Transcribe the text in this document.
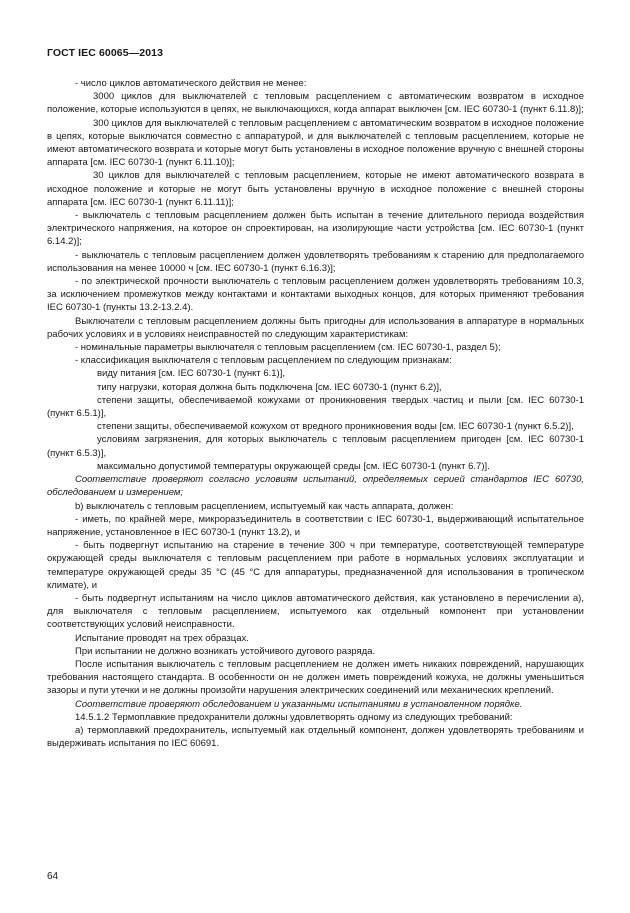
ГОСТ IEC 60065—2013

- число циклов автоматического действия не менее:

3000 циклов для выключателей с тепловым расцеплением с автоматическим возвратом в исходное положение, которые используются в цепях, не выключающихся, когда аппарат выключен [см. IEC 60730-1 (пункт 6.11.8)];

300 циклов для выключателей с тепловым расцеплением с автоматическим возвратом в исходное положение в цепях, которые выключатся совместно с аппаратурой, и для выключателей с тепловым расцеплением, которые не имеют автоматического возврата и которые могут быть установлены в исходное положение вручную с внешней стороны аппарата [см. IEC 60730-1 (пункт 6.11.10)];

30 циклов для выключателей с тепловым расцеплением, которые не имеют автоматического возврата в исходное положение и которые не могут быть установлены вручную в исходное положение с внешней стороны аппарата [см. IEC 60730-1 (пункт 6.11.11)];

- выключатель с тепловым расцеплением должен быть испытан в течение длительного периода воздействия электрического напряжения, на которое он спроектирован, на изолирующие части устройства [см. IEC 60730-1 (пункт 6.14.2)];

- выключатель с тепловым расцеплением должен удовлетворять требованиям к старению для предполагаемого использования на менее 10000 ч [см. IEC 60730-1 (пункт 6.16.3)];

- по электрической прочности выключатель с тепловым расцеплением должен удовлетворять требованиям 10.3, за исключением промежутков между контактами и контактами выходных концов, для которых применяют требования IEC 60730-1 (пункты 13.2-13.2.4).

Выключатели с тепловым расцеплением должны быть пригодны для использования в аппаратуре в нормальных рабочих условиях и в условиях неисправностей по следующим характеристикам:

- номинальные параметры выключателя с тепловым расцеплением (см. IEC 60730-1, раздел 5);

- классификация выключателя с тепловым расцеплением по следующим признакам:

виду питания [см. IEC 60730-1 (пункт 6.1)],

типу нагрузки, которая должна быть подключена [см. IEC 60730-1 (пункт 6.2)],

степени защиты, обеспечиваемой кожухами от проникновения твердых частиц и пыли [см. IEC 60730-1 (пункт 6.5.1)],

степени защиты, обеспечиваемой кожухом от вредного проникновения воды [см. IEC 60730-1 (пункт 6.5.2)],

условиям загрязнения, для которых выключатель с тепловым расцеплением пригоден [см. IEC 60730-1 (пункт 6.5.3)],

максимально допустимой температуры окружающей среды [см. IEC 60730-1 (пункт 6.7)].

Соответствие проверяют согласно условиям испытаний, определяемых серией стандартов IEC 60730, обследованием и измерением;

b) выключатель с тепловым расцеплением, испытуемый как часть аппарата, должен:

- иметь, по крайней мере, микроразъединитель в соответствии с IEC 60730-1, выдерживающий испытательное напряжение, установленное в IEC 60730-1 (пункт 13.2), и

- быть подвергнут испытанию на старение в течение 300 ч при температуре, соответствующей температуре окружающей среды выключателя с тепловым расцеплением при работе в нормальных условиях эксплуатации и температуре окружающей среды 35 °С (45 °С для аппаратуры, предназначенной для использования в тропическом климате), и

- быть подвергнут испытаниям на число циклов автоматического действия, как установлено в перечислении а), для выключателя с тепловым расцеплением, испытуемого как отдельный компонент при установлении соответствующих условий неисправности.

Испытание проводят на трех образцах.

При испытании не должно возникать устойчивого дугового разряда.

После испытания выключатель с тепловым расцеплением не должен иметь никаких повреждений, нарушающих требования настоящего стандарта. В особенности он не должен иметь повреждений кожуха, не должны уменьшиться зазоры и пути утечки и не должны произойти нарушения электрических соединений или механических креплений.

Соответствие проверяют обследованием и указанными испытаниями в установленном порядке.

14.5.1.2 Термоплавкие предохранители должны удовлетворять одному из следующих требований:

а) термоплавкий предохранитель, испытуемый как отдельный компонент, должен удовлетворять требованиям и выдерживать испытания по IEC 60691.

64
